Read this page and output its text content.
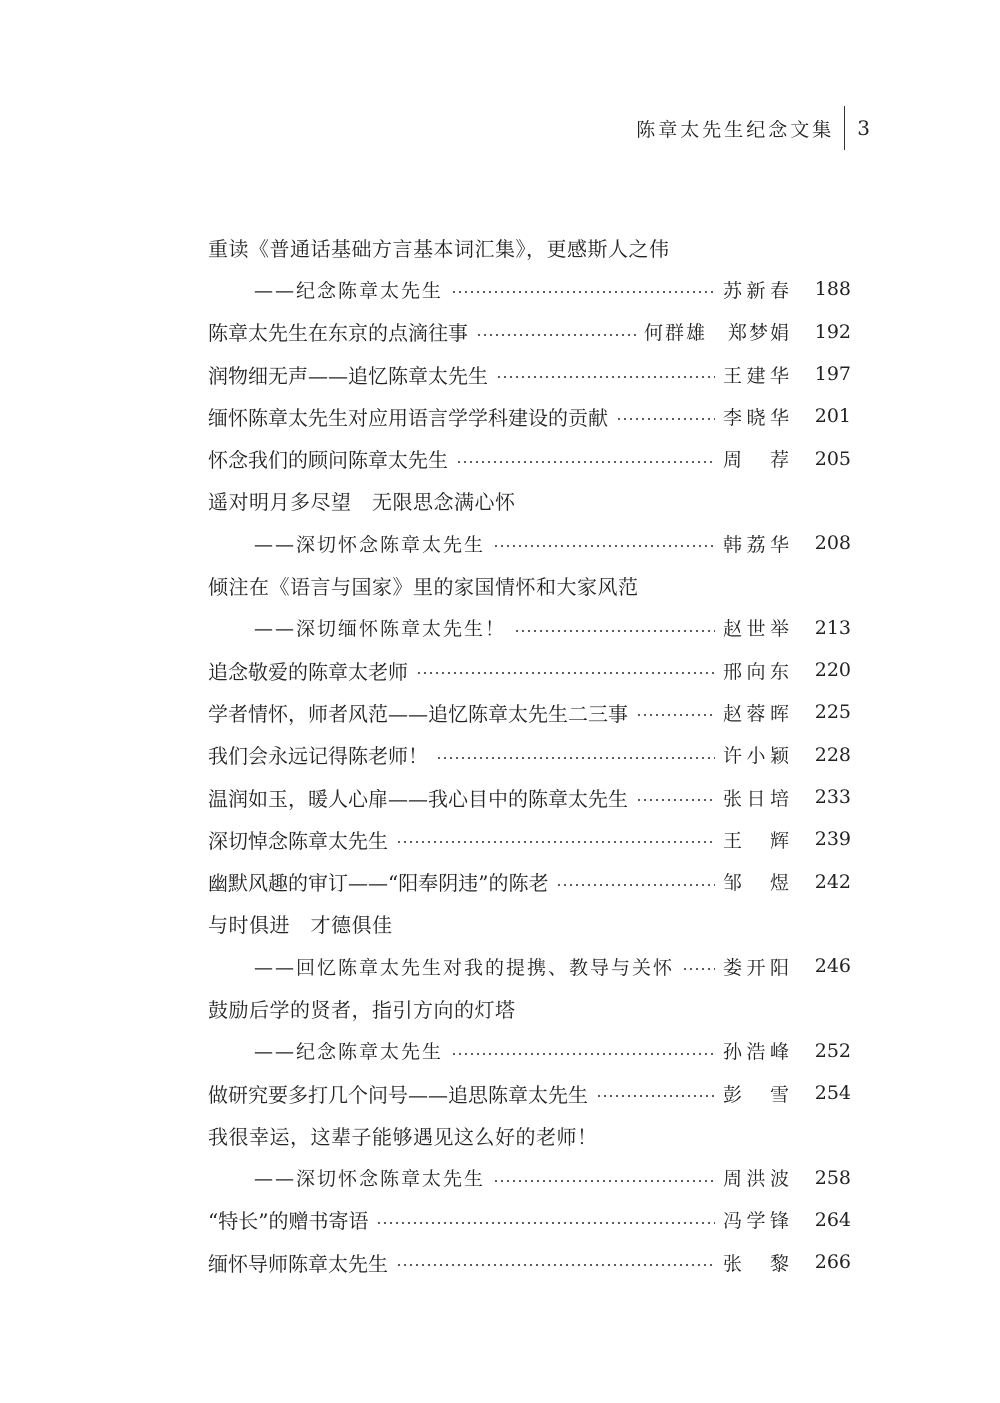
陈章太先生纪念文集 3
重读《普通话基础方言基本词汇集》，更感斯人之伟
——纪念陈章太先生	苏新春	188
陈章太先生在东京的点滴往事	何群雄　郑梦娟	192
润物细无声——追忆陈章太先生	王建华	197
缅怀陈章太先生对应用语言学学科建设的贡献	李晓华	201
怀念我们的顾问陈章太先生	周　荐	205
遥对明月多尽望　无限思念满心怀
——深切怀念陈章太先生	韩荔华	208
倾注在《语言与国家》里的家国情怀和大家风范
——深切缅怀陈章太先生！	赵世举	213
追念敬爱的陈章太老师	邢向东	220
学者情怀，师者风范——追忆陈章太先生二三事	赵蓉晖	225
我们会永远记得陈老师！	许小颖	228
温润如玉，暖人心扉——我心目中的陈章太先生	张日培	233
深切悼念陈章太先生	王　辉	239
幽默风趣的审订——“阳奉阴违”的陈老	邹　煜	242
与时俱进　才德俱佳
——回忆陈章太先生对我的提携、教导与关怀	娄开阳	246
鼓励后学的贤者，指引方向的灯塔
——纪念陈章太先生	孙浩峰	252
做研究要多打几个问号——追思陈章太先生	彭　雪	254
我很幸运，这辈子能够遇见这么好的老师！
——深切怀念陈章太先生	周洪波	258
“特长”的赠书寄语	冯学锋	264
缅怀导师陈章太先生	张　黎	266
